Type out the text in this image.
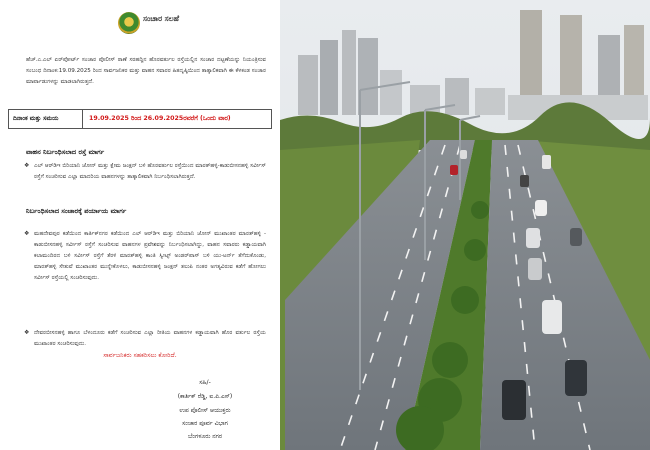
ಸಂಚಾರ ಸಲಹೆ

ಹೆಚ್.ಎ.ಎಲ್ ಏರ್‌ಪೋರ್ಟ್ ಸಂಚಾರ ಪೊಲೀಸ್ ಠಾಣೆ ಸರಹದ್ದಿನ ಹೊರವರ್ತುಲ ರಸ್ತೆಯಲ್ಲಿನ ಸಂಚಾರ ದಟ್ಟಣೆಯನ್ನು ನಿಯಂತ್ರಿಸುವ ಸಂಬಂಧ ದಿನಾಂಕ:19.09.2025 ರಿಂದ ಸಾರ್ವಜನಿಕರ ಮತ್ತು ವಾಹನ ಸವಾರರ ಹಿತದೃಷ್ಠಿಯಿಂದ ತಾತ್ಕಾಲಿಕವಾಗಿ ಈ ಕೆಳಕಂಡ ಸಂಚಾರ ಮಾರ್ಪಾಡುಗಳನ್ನು ಮಾಡಲಾಗಿರುತ್ತದೆ.

ದಿನಾಂಕ ಮತ್ತು ಸಮಯ	19.09.2025 ರಿಂದ 26.09.2025ರವರೆಗೆ (ಒಂದು ವಾರ)
ವಾಹನ ನಿರ್ಬಂಧಿಸಲಾದ ರಸ್ತೆ ಮಾರ್ಗ

❖ ಎಲ್ ಆರ್‌ಡಿಇ ಬಿರಿಯಾನಿ ಜೋನ್ ಮತ್ತು ಕ್ಷೇಮ ಜಂಕ್ಷನ್ ಬಳಿ ಹೊರವರ್ತುಲ ರಸ್ತೆಯಿಂದ ಮಾರತ್‌ಹಳ್ಳಿ-ಕಾಡುಬೀಸನಹಳ್ಳಿ ಸರ್ವೀಸ್ ರಸ್ತೆಗೆ ಸಂಚರಿಸುವ ಎಲ್ಲಾ ಮಾದರಿಯ ವಾಹನಗಳನ್ನು ತಾತ್ಕಾಲಿಕವಾಗಿ ನಿರ್ಬಂಧಿಸಲಾಗಿರುತ್ತದೆ.

ನಿರ್ಬಂಧಿಸಲಾದ ಸಂಚಾರಕ್ಕೆ ಪರ್ಯಾಯ ಮಾರ್ಗ

❖ ಮಹದೇವಪುರ ಕಡೆಯಿಂದ ಕಾರ್ತಿಕ್‌ನಗರ ಕಡೆಯಿಂದ ಎಲ್ ಆರ್‌ಡಿಇ ಮತ್ತು ಬಿರಿಯಾನಿ ಜೋನ್ ಮುಖಾಂತರ ಮಾರತ್‌ಹಳ್ಳಿ - ಕಾಡುಬೀಸನಹಳ್ಳಿ ಸರ್ವೀಸ್ ರಸ್ತೆಗೆ ಸಂಚರಿಸುವ ವಾಹನಗಳ ಪ್ರವೇಶವನ್ನು ನಿರ್ಬಂಧಿಸಲಾಗಿದ್ದು, ವಾಹನ ಸವಾರರು ಕಡ್ಡಾಯವಾಗಿ ಕಲಾಮಂದಿರದ ಬಳಿ ಸರ್ವೀಸ್ ರಸ್ತೆಗೆ ತೆರಳಿ ಮಾರತ್‌ಹಳ್ಳಿ ಕಾಂತಿ ಸ್ವೀಟ್ಸ್ ಅಂಡರ್‌ಪಾಸ್ ಬಳಿ ಯು-ಟರ್ನ್ ತೆಗೆದುಕೊಂಡು, ಮಾರತ್‌ಹಳ್ಳಿ ಸೇತುವೆ ಮುಖಾಂತರ ಮುನ್ನೇಕೊಳಲು, ಕಾಡುಬೀಸನಹಳ್ಳಿ ಜಂಕ್ಷನ್ ತಲುಪಿ ನಂತರ ಅಗತ್ಯವಿರುವ ಕಡೆಗೆ ಹೋಗಲು ಸರ್ವೀಸ್ ರಸ್ತೆಯಲ್ಲಿ ಸಂಚರಿಸುವುದು.

❖ ದೇವರಬೀಸನಹಳ್ಳಿ ಹಾಗೂ ಬೆಳಂದೂರು ಕಡೆಗೆ ಸಂಚರಿಸುವ ಎಲ್ಲಾ ರೀತಿಯ ವಾಹನಗಳ ಕಡ್ಡಾಯವಾಗಿ ಹೊರ ವರ್ತುಲ ರಸ್ತೆಯ ಮುಖಾಂತರ ಸಂಚರಿಸುವುದು.

ಸಾರ್ವಜನಿಕರು ಸಹಕರಿಸಲು ಕೋರಿದೆ.
ಸಹಿ/-
(ಕಾರ್ತಿಕ್ ರೆಡ್ಡಿ, ಐ.ಪಿ.ಎಸ್)
ಉಪ ಪೊಲೀಸ್ ಆಯುಕ್ತರು
ಸಂಚಾರ ಪೂರ್ವ ವಿಭಾಗ
ಬೆಂಗಳೂರು ನಗರ
